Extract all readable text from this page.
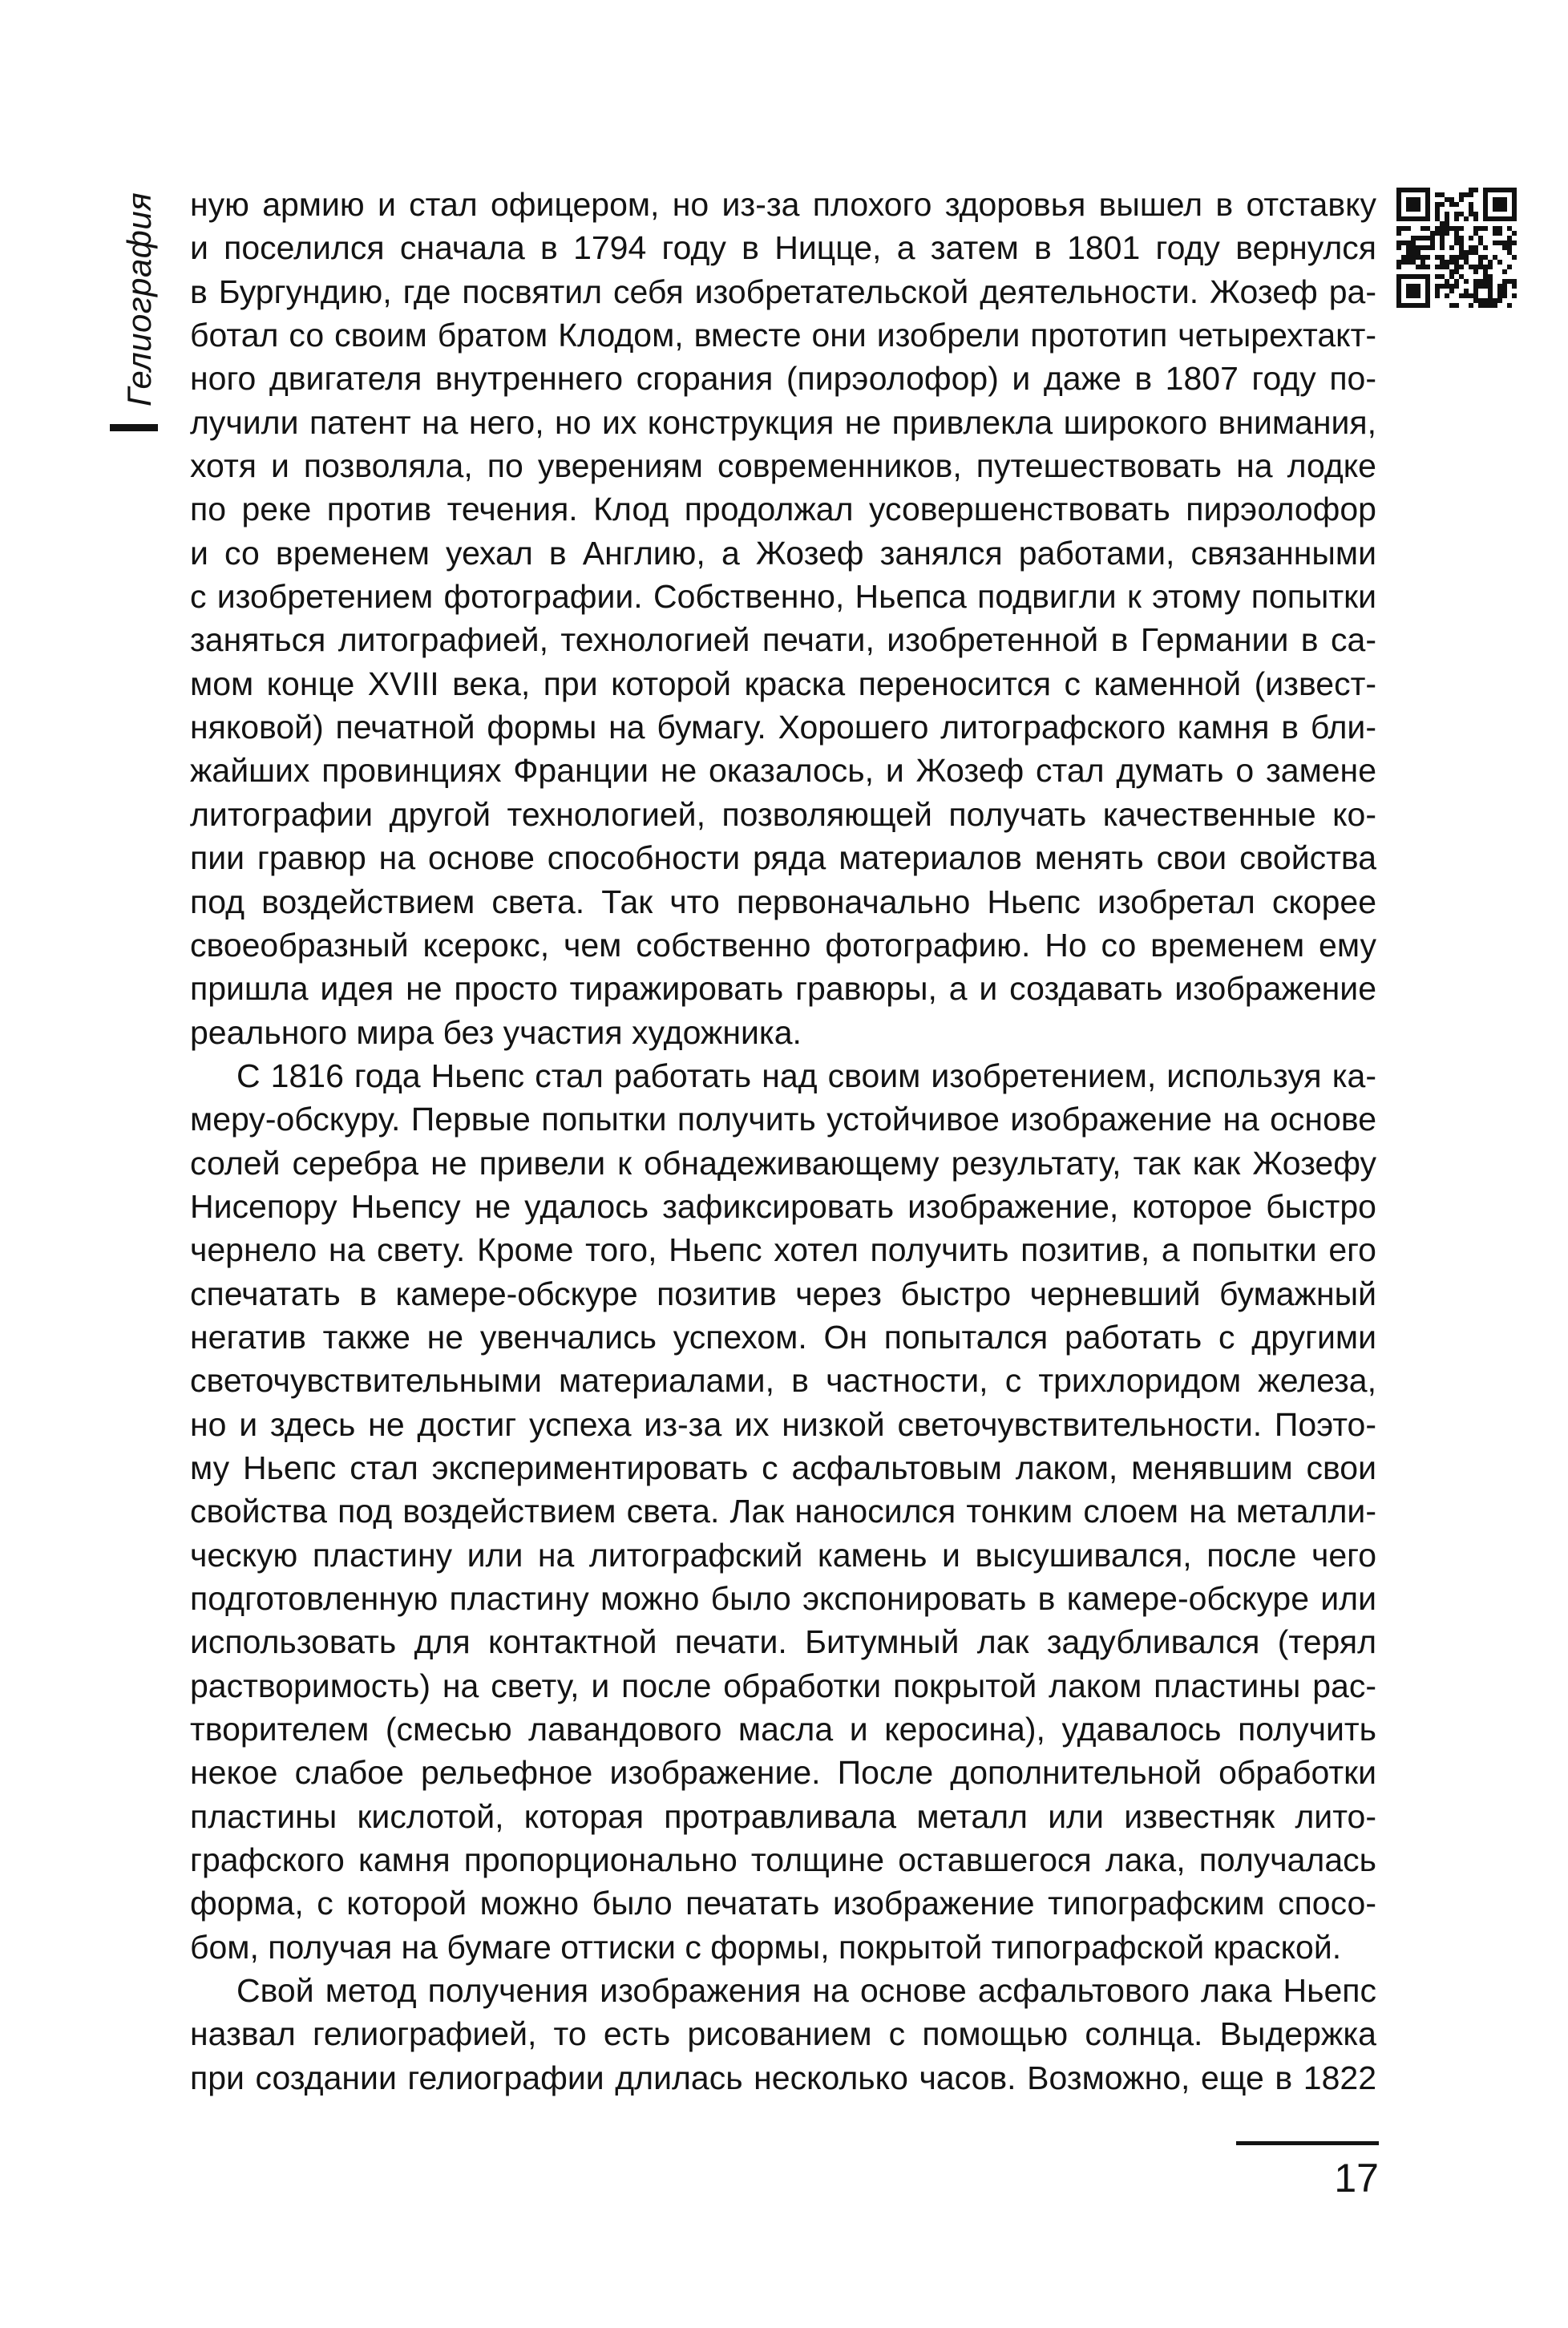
Гелиография ную армию и стал офицером, но из-за плохого здоровья вышел в отставку
и поселился сначала в 1794 году в Ницце, а затем в 1801 году вернулся
в Бургундию, где посвятил себя изобретательской деятельности. Жозеф ра-
ботал со своим братом Клодом, вместе они изобрели прототип четырехтакт-
ного двигателя внутреннего сгорания (пирэолофор) и даже в 1807 году по-
лучили патент на него, но их конструкция не привлекла широкого внимания,
хотя и позволяла, по уверениям современников, путешествовать на лодке
по реке против течения. Клод продолжал усовершенствовать пирэолофор
и со временем уехал в Англию, а Жозеф занялся работами, связанными
с изобретением фотографии. Собственно, Ньепса подвигли к этому попытки
заняться литографией, технологией печати, изобретенной в Германии в са-
мом конце XVIII века, при которой краска переносится с каменной (извест-
няковой) печатной формы на бумагу. Хорошего литографского камня в бли-
жайших провинциях Франции не оказалось, и Жозеф стал думать о замене
литографии другой технологией, позволяющей получать качественные ко-
пии гравюр на основе способности ряда материалов менять свои свойства
под воздействием света. Так что первоначально Ньепс изобретал скорее
своеобразный ксерокс, чем собственно фотографию. Но со временем ему
пришла идея не просто тиражировать гравюры, а и создавать изображение
реального мира без участия художника.
С 1816 года Ньепс стал работать над своим изобретением, используя ка-
меру-обскуру. Первые попытки получить устойчивое изображение на основе
солей серебра не привели к обнадеживающему результату, так как Жозефу
Нисепору Ньепсу не удалось зафиксировать изображение, которое быстро
чернело на свету. Кроме того, Ньепс хотел получить позитив, а попытки его
спечатать в камере-обскуре позитив через быстро черневший бумажный
негатив также не увенчались успехом. Он попытался работать с другими
светочувствительными материалами, в частности, с трихлоридом железа,
но и здесь не достиг успеха из-за их низкой светочувствительности. Поэто-
му Ньепс стал экспериментировать с асфальтовым лаком, менявшим свои
свойства под воздействием света. Лак наносился тонким слоем на металли-
ческую пластину или на литографский камень и высушивался, после чего
подготовленную пластину можно было экспонировать в камере-обскуре или
использовать для контактной печати. Битумный лак задубливался (терял
растворимость) на свету, и после обработки покрытой лаком пластины рас-
творителем (смесью лавандового масла и керосина), удавалось получить
некое слабое рельефное изображение. После дополнительной обработки
пластины кислотой, которая протравливала металл или известняк лито-
графского камня пропорционально толщине оставшегося лака, получалась
форма, с которой можно было печатать изображение типографским спосо-
бом, получая на бумаге оттиски с формы, покрытой типографской краской.
Свой метод получения изображения на основе асфальтового лака Ньепс
назвал гелиографией, то есть рисованием с помощью солнца. Выдержка
при создании гелиографии длилась несколько часов. Возможно, еще в 1822
17
